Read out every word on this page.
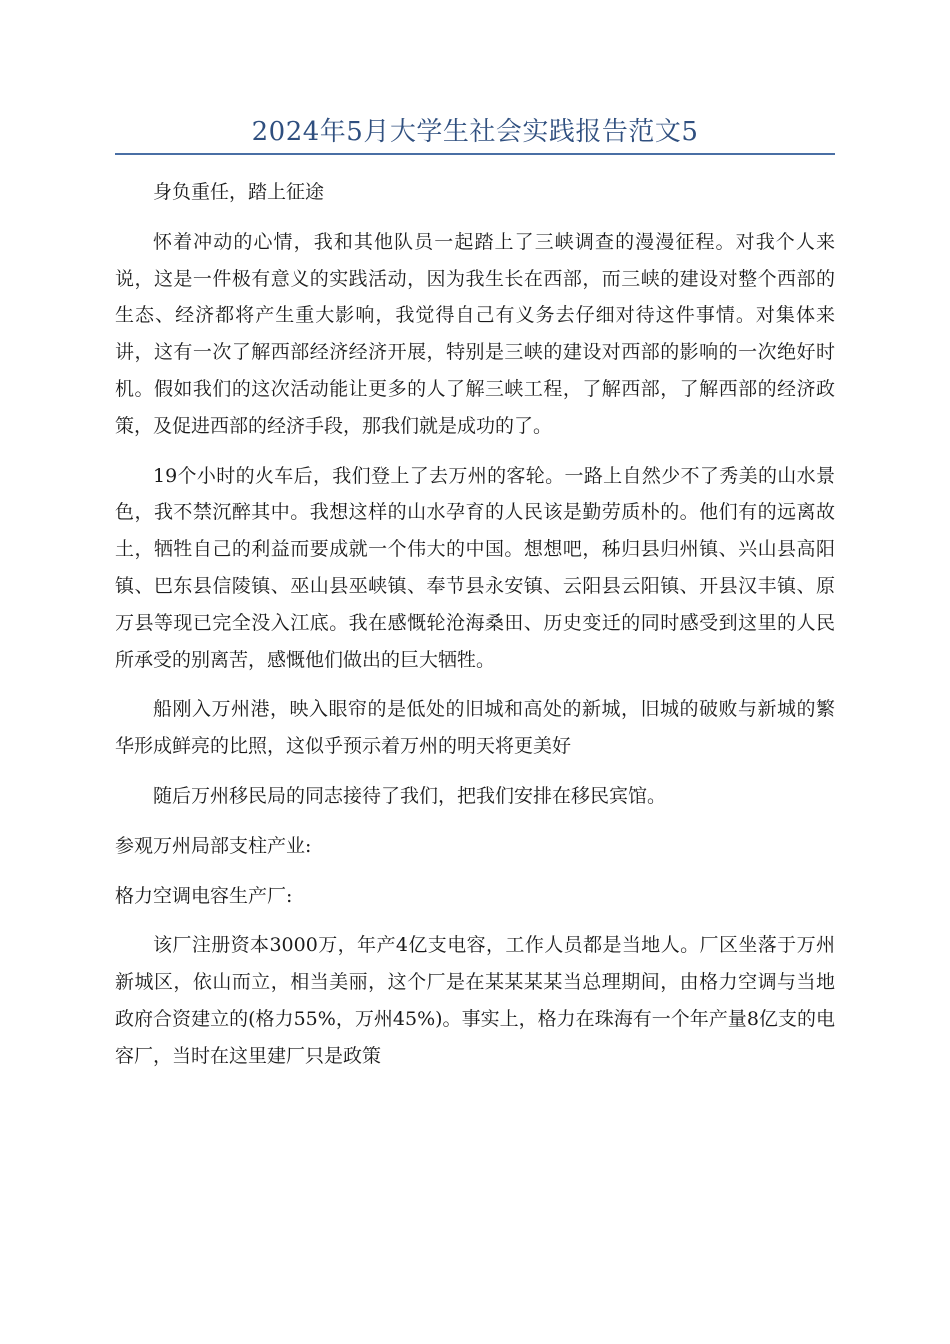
2024年5月大学生社会实践报告范文5

身负重任，踏上征途

怀着冲动的心情，我和其他队员一起踏上了三峡调查的漫漫征程。对我个人来说，这是一件极有意义的实践活动，因为我生长在西部，而三峡的建设对整个西部的生态、经济都将产生重大影响，我觉得自己有义务去仔细对待这件事情。对集体来讲，这有一次了解西部经济经济开展，特别是三峡的建设对西部的影响的一次绝好时机。假如我们的这次活动能让更多的人了解三峡工程，了解西部，了解西部的经济政策，及促进西部的经济手段，那我们就是成功的了。

19个小时的火车后，我们登上了去万州的客轮。一路上自然少不了秀美的山水景色，我不禁沉醉其中。我想这样的山水孕育的人民该是勤劳质朴的。他们有的远离故土，牺牲自己的利益而要成就一个伟大的中国。想想吧，秭归县归州镇、兴山县高阳镇、巴东县信陵镇、巫山县巫峡镇、奉节县永安镇、云阳县云阳镇、开县汉丰镇、原万县等现已完全没入江底。我在感慨轮沧海桑田、历史变迁的同时感受到这里的人民所承受的别离苦，感慨他们做出的巨大牺牲。

船刚入万州港，映入眼帘的是低处的旧城和高处的新城，旧城的破败与新城的繁华形成鲜亮的比照，这似乎预示着万州的明天将更美好

随后万州移民局的同志接待了我们，把我们安排在移民宾馆。

参观万州局部支柱产业:

格力空调电容生产厂:

该厂注册资本3000万，年产4亿支电容，工作人员都是当地人。厂区坐落于万州新城区，依山而立，相当美丽，这个厂是在某某某某当总理期间，由格力空调与当地政府合资建立的(格力55%，万州45%)。事实上，格力在珠海有一个年产量8亿支的电容厂，当时在这里建厂只是政策
